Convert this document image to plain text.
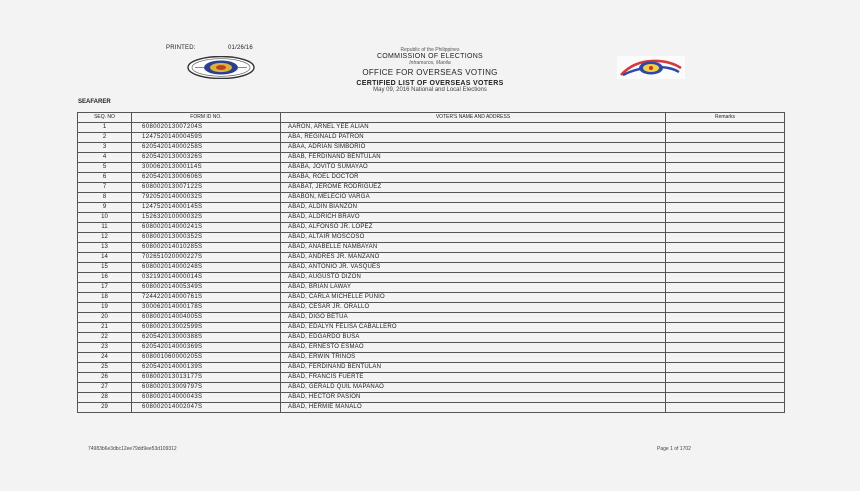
PRINTED:	01/26/16	Republic of the Philippines
COMMISSION OF ELECTIONS
Intramuros, Manila
OFFICE FOR OVERSEAS VOTING
CERTIFIED LIST OF OVERSEAS VOTERS
May 09, 2016 National and Local Elections
SEAFARER
SEQ. NO	FORM ID NO.	VOTER'S NAME AND ADDRESS	Remarks
1	608002013007204S	AARON, ARNEL YEE ALIAN	
2	124752014000459S	ABA, REGINALD PATRON	
3	620542014000258S	ABAA, ADRIAN SIMBORIO	
4	620542013000326S	ABAB, FERDINAND BENTULAN	
5	300062013000114S	ABABA, JOVITO SUMAYAO	
6	620542013000606S	ABABA, ROEL DOCTOR	
7	608002013007122S	ABABAT, JEROME RODRIGUEZ	
8	792052014000032S	ABABON, MELECIO VARGA	
9	124752014000145S	ABAD, ALDIN BIANZON	
10	152632010000032S	ABAD, ALDRICH BRAVO	
11	608002014000241S	ABAD, ALFONSO JR. LOPEZ	
12	608002013000352S	ABAD, ALTAIR MOSCOSO	
13	608002014010285S	ABAD, ANABELLE NAMBAYAN	
14	702651020000227S	ABAD, ANDRES JR. MANZANO	
15	608002014000248S	ABAD, ANTONIO JR. VASQUES	
16	032192014000014S	ABAD, AUGUSTO DIZON	
17	608002014005349S	ABAD, BRIAN LAWAY	
18	724422014000761S	ABAD, CARLA MICHELLE PUNIO	
19	300062014000178S	ABAD, CESAR JR. ORALLO	
20	608002014004005S	ABAD, DIGO BETUA	
21	608002013002599S	ABAD, EDALYN FELISA CABALLERO	
22	620542013000388S	ABAD, EDGARDO BUSA	
23	620542014000369S	ABAD, ERNESTO ESMAO	
24	608001060000205S	ABAD, ERWIN TRINOS	
25	620542014000139S	ABAD, FERDINAND BENTULAN	
26	608002013013177S	ABAD, FRANCIS FUERTE	
27	608002013009797S	ABAD, GERALD QUIL MAPANAO	
28	608002014000043S	ABAD, HECTOR PASION	
29	608002014002047S	ABAD, HERMIE MANALO	
74983b6e3dbc12ee79dd9ee53d109312	Page 1 of 1702
